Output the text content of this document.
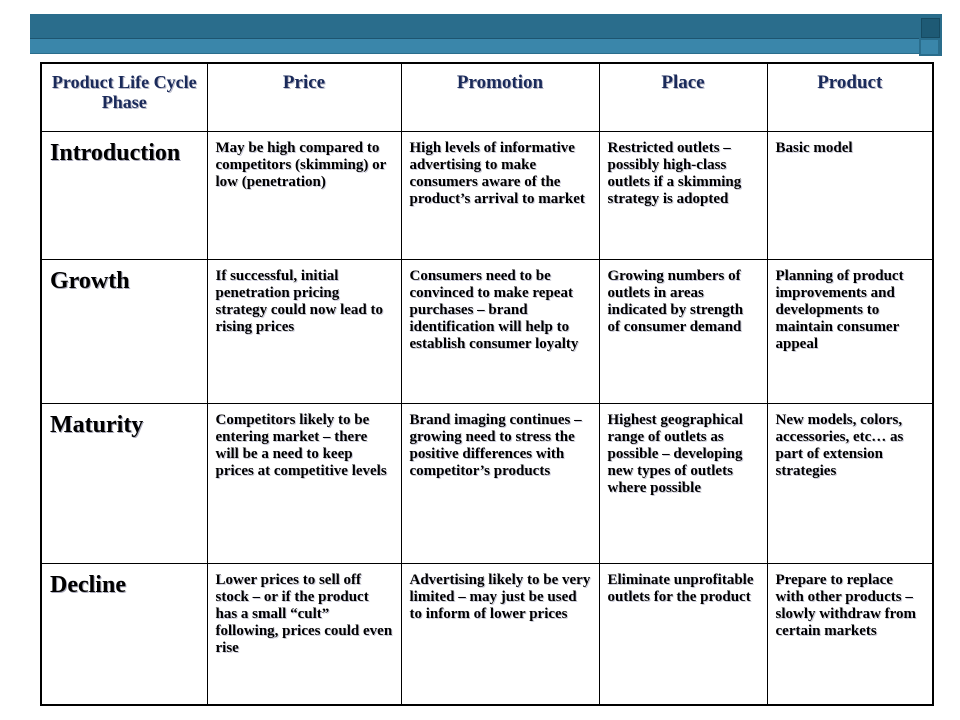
Product Life Cycle Phase	Price	Promotion	Place	Product
Introduction	May be high compared to competitors (skimming) or low (penetration)	High levels of informative advertising to make consumers aware of the product’s arrival to market	Restricted outlets – possibly high-class outlets if a skimming strategy is adopted	Basic model
Growth	If successful, initial penetration pricing strategy could now lead to rising prices	Consumers need to be convinced to make repeat purchases – brand identification will help to establish consumer loyalty	Growing numbers of outlets in areas indicated by strength of consumer demand	Planning of product improvements and developments to maintain consumer appeal
Maturity	Competitors likely to be entering market – there will be a need to keep prices at competitive levels	Brand imaging continues – growing need to stress the positive differences with competitor’s products	Highest geographical range of outlets as possible – developing new types of outlets where possible	New models, colors, accessories, etc… as part of extension strategies
Decline	Lower prices to sell off stock – or if the product has a small “cult” following, prices could even rise	Advertising likely to be very limited – may just be used to inform of lower prices	Eliminate unprofitable outlets for the product	Prepare to replace with other products – slowly withdraw from certain markets
